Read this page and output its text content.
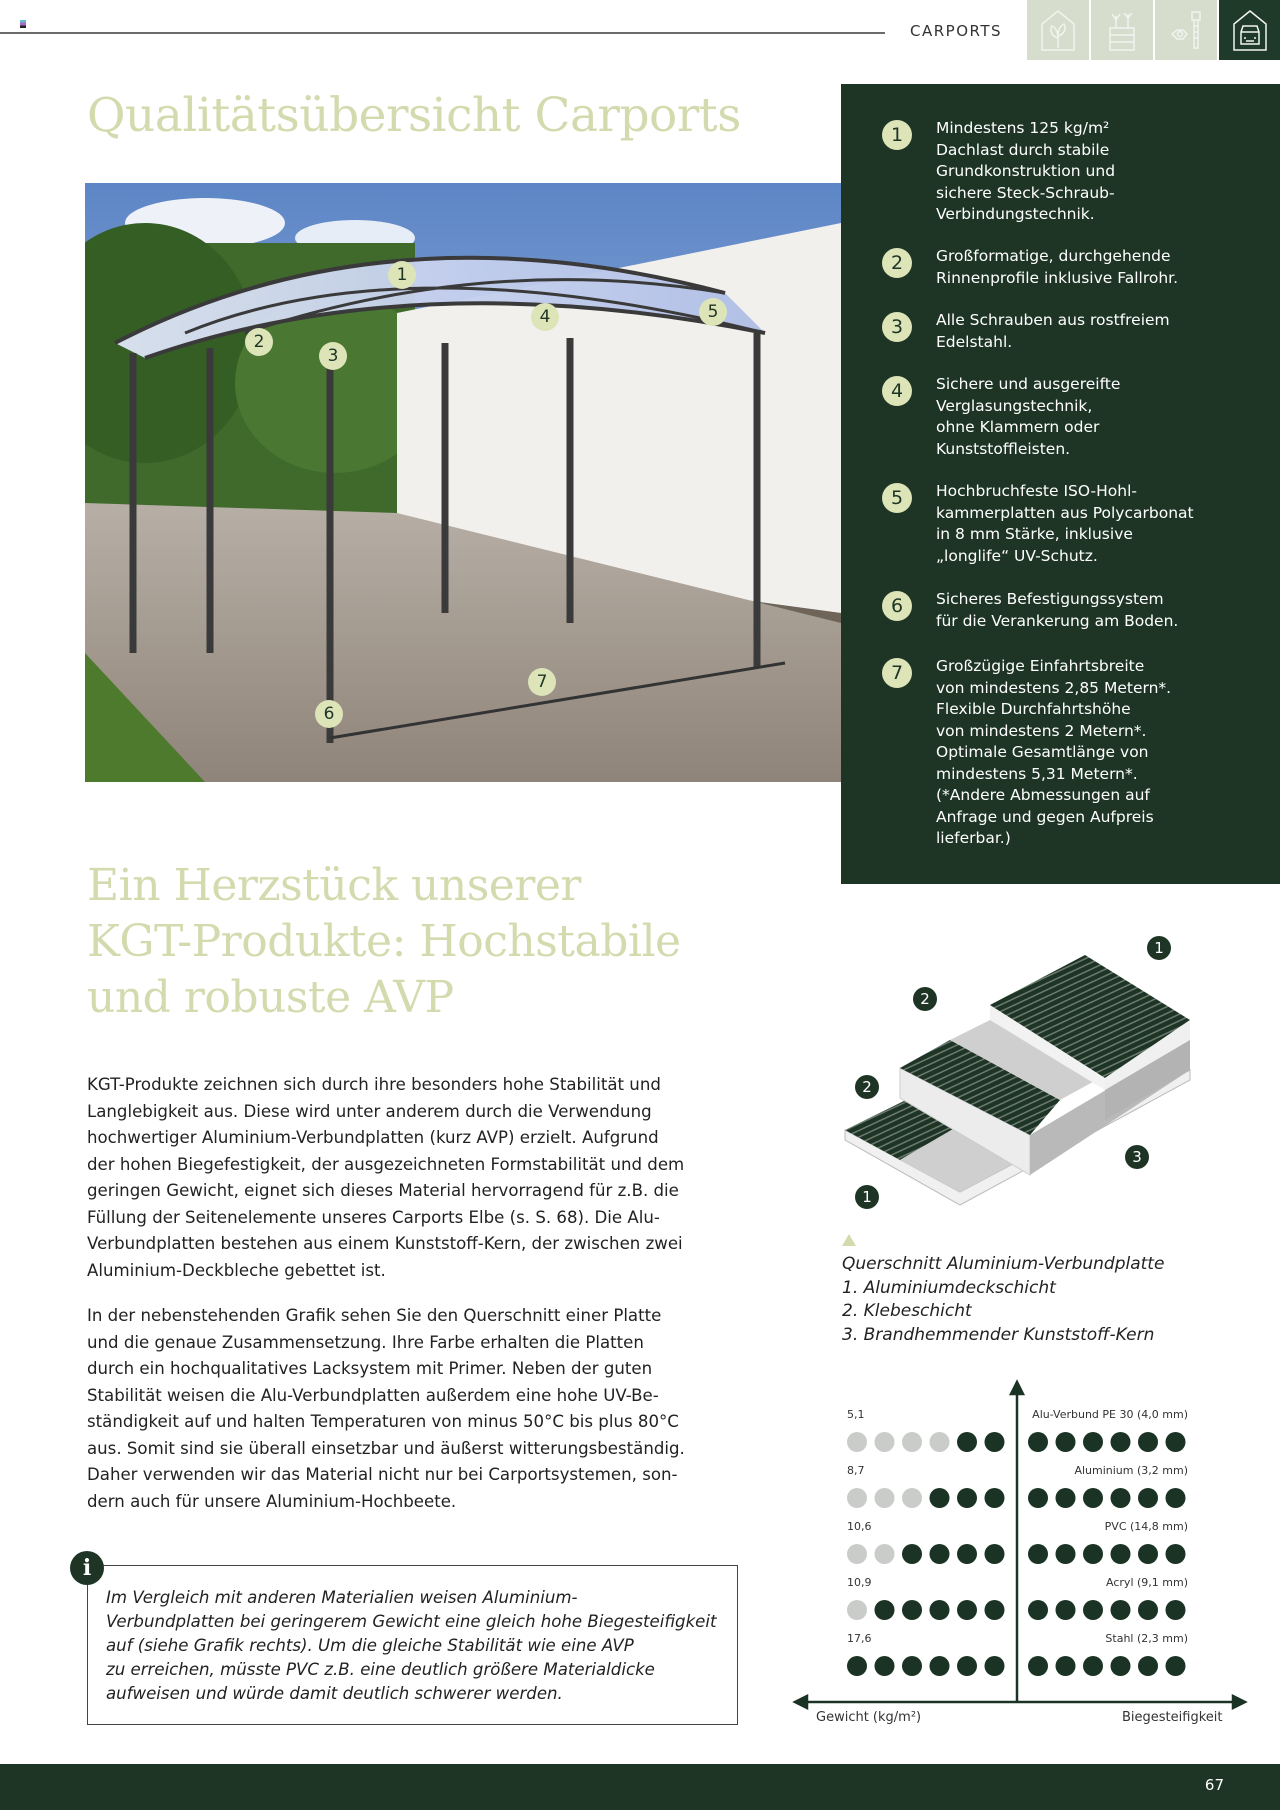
CARPORTS
Qualitätsübersicht Carports
1
2
3
4	5
6
7
1	Mindestens 125 kg/m²
Dachlast durch stabile
Grundkonstruktion und
sichere Steck-Schraub-
Verbindungstechnik.
2	Großformatige, durchgehende
Rinnenprofile inklusive Fallrohr.
3	Alle Schrauben aus rostfreiem
Edelstahl.
4	Sichere und ausgereifte
Verglasungstechnik,
ohne Klammern oder
Kunststoffleisten.
5	Hochbruchfeste ISO-Hohl-
kammerplatten aus Polycarbonat
in 8 mm Stärke, inklusive
„longlife“ UV-Schutz.
6	Sicheres Befestigungssystem
für die Verankerung am Boden.
7	Großzügige Einfahrtsbreite
von mindestens 2,85 Metern*.
Flexible Durchfahrtshöhe
von mindestens 2 Metern*.
Optimale Gesamtlänge von
mindestens 5,31 Metern*.
(*Andere Abmessungen auf
Anfrage und gegen Aufpreis
lieferbar.)
Ein Herzstück unserer
KGT-Produkte: Hochstabile
und robuste AVP
KGT-Produkte zeichnen sich durch ihre besonders hohe Stabilität und
Langlebigkeit aus. Diese wird unter anderem durch die Verwendung
hochwertiger Aluminium-Verbundplatten (kurz AVP) erzielt. Aufgrund
der hohen Biegefestigkeit, der ausgezeichneten Formstabilität und dem
geringen Gewicht, eignet sich dieses Material hervorragend für z.B. die
Füllung der Seitenelemente unseres Carports Elbe (s. S. 68). Die Alu-
Verbundplatten bestehen aus einem Kunststoff-Kern, der zwischen zwei
Aluminium-Deckbleche gebettet ist.
In der nebenstehenden Grafik sehen Sie den Querschnitt einer Platte
und die genaue Zusammensetzung. Ihre Farbe erhalten die Platten
durch ein hochqualitatives Lacksystem mit Primer. Neben der guten
Stabilität weisen die Alu-Verbundplatten außerdem eine hohe UV-Be-
ständigkeit auf und halten Temperaturen von minus 50°C bis plus 80°C
aus. Somit sind sie überall einsetzbar und äußerst witterungsbeständig.
Daher verwenden wir das Material nicht nur bei Carportsystemen, son-
dern auch für unsere Aluminium-Hochbeete.
Im Vergleich mit anderen Materialien weisen Aluminium-
Verbundplatten bei geringerem Gewicht eine gleich hohe Biegesteifigkeit
auf (siehe Grafik rechts). Um die gleiche Stabilität wie eine AVP
zu erreichen, müsste PVC z.B. eine deutlich größere Materialdicke
aufweisen und würde damit deutlich schwerer werden.
i
1
2
2
3
1
Querschnitt Aluminium-Verbundplatte
1. Aluminiumdeckschicht
2. Klebeschicht
3. Brandhemmender Kunststoff-Kern
Gewicht (kg/m²)	Biegesteifigkeit
5,1	Alu-Verbund PE 30 (4,0 mm)
8,7	Aluminium (3,2 mm)
10,6	PVC (14,8 mm)
10,9	Acryl (9,1 mm)
17,6	Stahl (2,3 mm)
67
